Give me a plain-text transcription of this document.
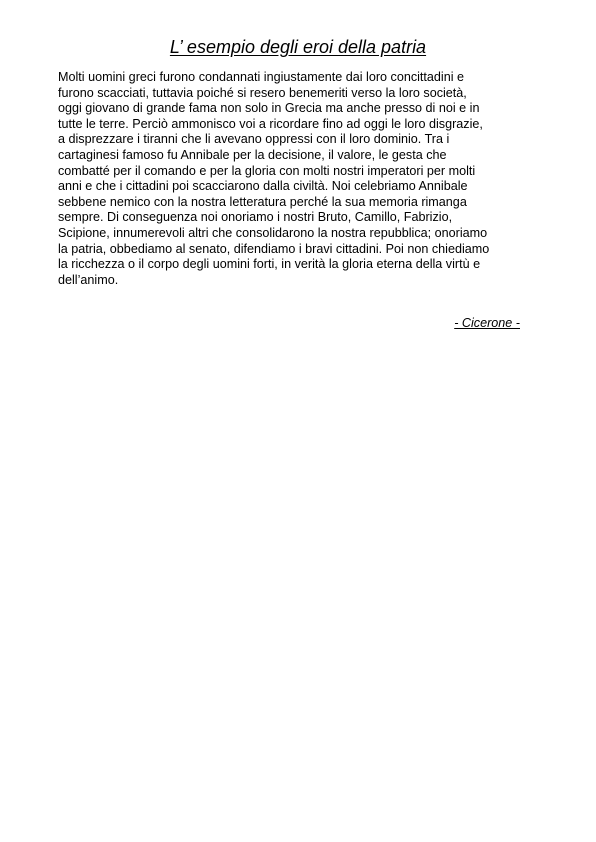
L’ esempio degli eroi della patria

Molti uomini greci furono condannati ingiustamente dai loro concittadini e
furono scacciati, tuttavia poiché si resero benemeriti verso la loro società,
oggi giovano di grande fama non solo in Grecia ma anche presso di noi e in
tutte le terre. Perciò ammonisco voi a ricordare fino ad oggi le loro disgrazie,
a disprezzare i tiranni che li avevano oppressi con il loro dominio. Tra i
cartaginesi famoso fu Annibale per la decisione, il valore, le gesta che
combatté per il comando e per la gloria con molti nostri imperatori per molti
anni e che i cittadini poi scacciarono dalla civiltà. Noi celebriamo Annibale
sebbene nemico con la nostra letteratura perché la sua memoria rimanga
sempre. Di conseguenza noi onoriamo i nostri Bruto, Camillo, Fabrizio,
Scipione, innumerevoli altri che consolidarono la nostra repubblica; onoriamo
la patria, obbediamo al senato, difendiamo i bravi cittadini. Poi non chiediamo
la ricchezza o il corpo degli uomini forti, in verità la gloria eterna della virtù e
dell’animo.

- Cicerone -
